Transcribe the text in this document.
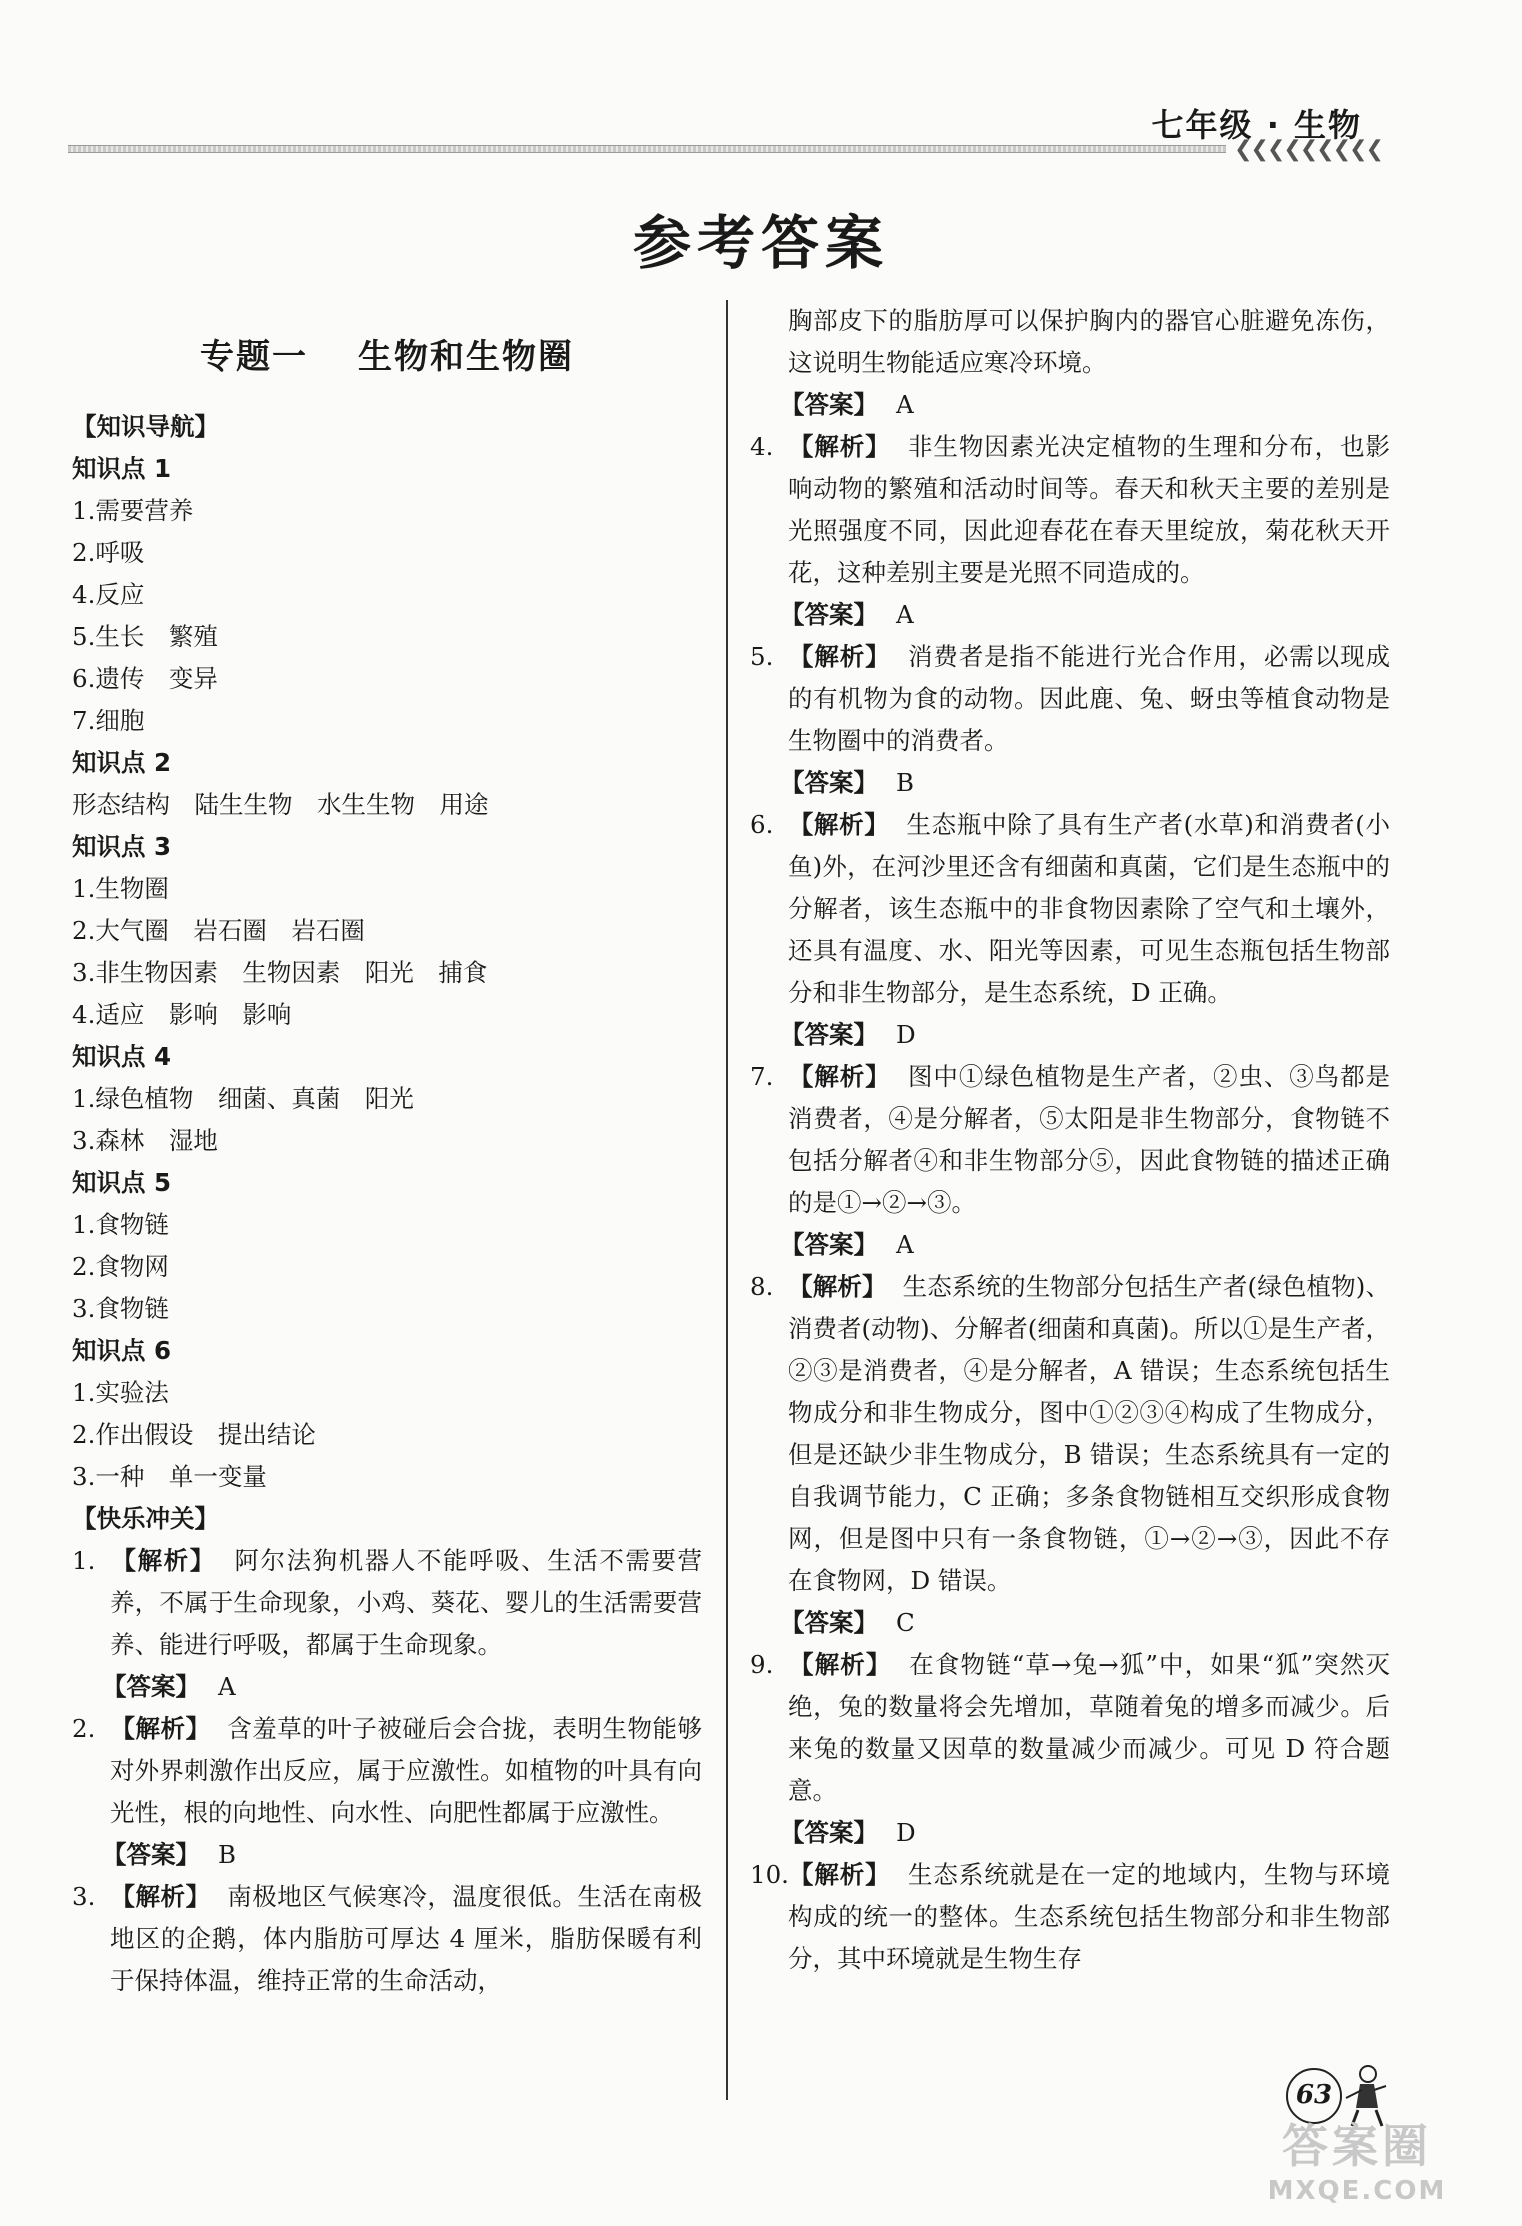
七年级 · 生物
❮❮❮❮❮❮❮❮❮
参考答案
专题一 生物和生物圈
【知识导航】
知识点 1
1.需要营养
2.呼吸
4.反应
5.生长　繁殖
6.遗传　变异
7.细胞
知识点 2
形态结构　陆生生物　水生生物　用途
知识点 3
1.生物圈
2.大气圈　岩石圈　岩石圈
3.非生物因素　生物因素　阳光　捕食
4.适应　影响　影响
知识点 4
1.绿色植物　细菌、真菌　阳光
3.森林　湿地
知识点 5
1.食物链
2.食物网
3.食物链
知识点 6
1.实验法
2.作出假设　提出结论
3.一种　单一变量
【快乐冲关】
1. 【解析】 阿尔法狗机器人不能呼吸、生活不需要营养，不属于生命现象，小鸡、葵花、婴儿的生活需要营养、能进行呼吸，都属于生命现象。
【答案】 A
2. 【解析】 含羞草的叶子被碰后会合拢，表明生物能够对外界刺激作出反应，属于应激性。如植物的叶具有向光性，根的向地性、向水性、向肥性都属于应激性。
【答案】 B
3. 【解析】 南极地区气候寒冷，温度很低。生活在南极地区的企鹅，体内脂肪可厚达 4 厘米，脂肪保暖有利于保持体温，维持正常的生命活动，
胸部皮下的脂肪厚可以保护胸内的器官心脏避免冻伤，这说明生物能适应寒冷环境。
【答案】 A
4. 【解析】 非生物因素光决定植物的生理和分布，也影响动物的繁殖和活动时间等。春天和秋天主要的差别是光照强度不同，因此迎春花在春天里绽放，菊花秋天开花，这种差别主要是光照不同造成的。
【答案】 A
5. 【解析】 消费者是指不能进行光合作用，必需以现成的有机物为食的动物。因此鹿、兔、蚜虫等植食动物是生物圈中的消费者。
【答案】 B
6. 【解析】 生态瓶中除了具有生产者(水草)和消费者(小鱼)外，在河沙里还含有细菌和真菌，它们是生态瓶中的分解者，该生态瓶中的非食物因素除了空气和土壤外，还具有温度、水、阳光等因素，可见生态瓶包括生物部分和非生物部分，是生态系统，D 正确。
【答案】 D
7. 【解析】 图中①绿色植物是生产者，②虫、③鸟都是消费者，④是分解者，⑤太阳是非生物部分，食物链不包括分解者④和非生物部分⑤，因此食物链的描述正确的是①→②→③。
【答案】 A
8. 【解析】 生态系统的生物部分包括生产者(绿色植物)、消费者(动物)、分解者(细菌和真菌)。所以①是生产者，②③是消费者，④是分解者，A 错误；生态系统包括生物成分和非生物成分，图中①②③④构成了生物成分，但是还缺少非生物成分，B 错误；生态系统具有一定的自我调节能力，C 正确；多条食物链相互交织形成食物网，但是图中只有一条食物链，①→②→③，因此不存在食物网，D 错误。
【答案】 C
9. 【解析】 在食物链“草→兔→狐”中，如果“狐”突然灭绝，兔的数量将会先增加，草随着兔的增多而减少。后来兔的数量又因草的数量减少而减少。可见 D 符合题意。
【答案】 D
10.【解析】 生态系统就是在一定的地域内，生物与环境构成的统一的整体。生态系统包括生物部分和非生物部分，其中环境就是生物生存
63
答案圈
MXQE.COM
